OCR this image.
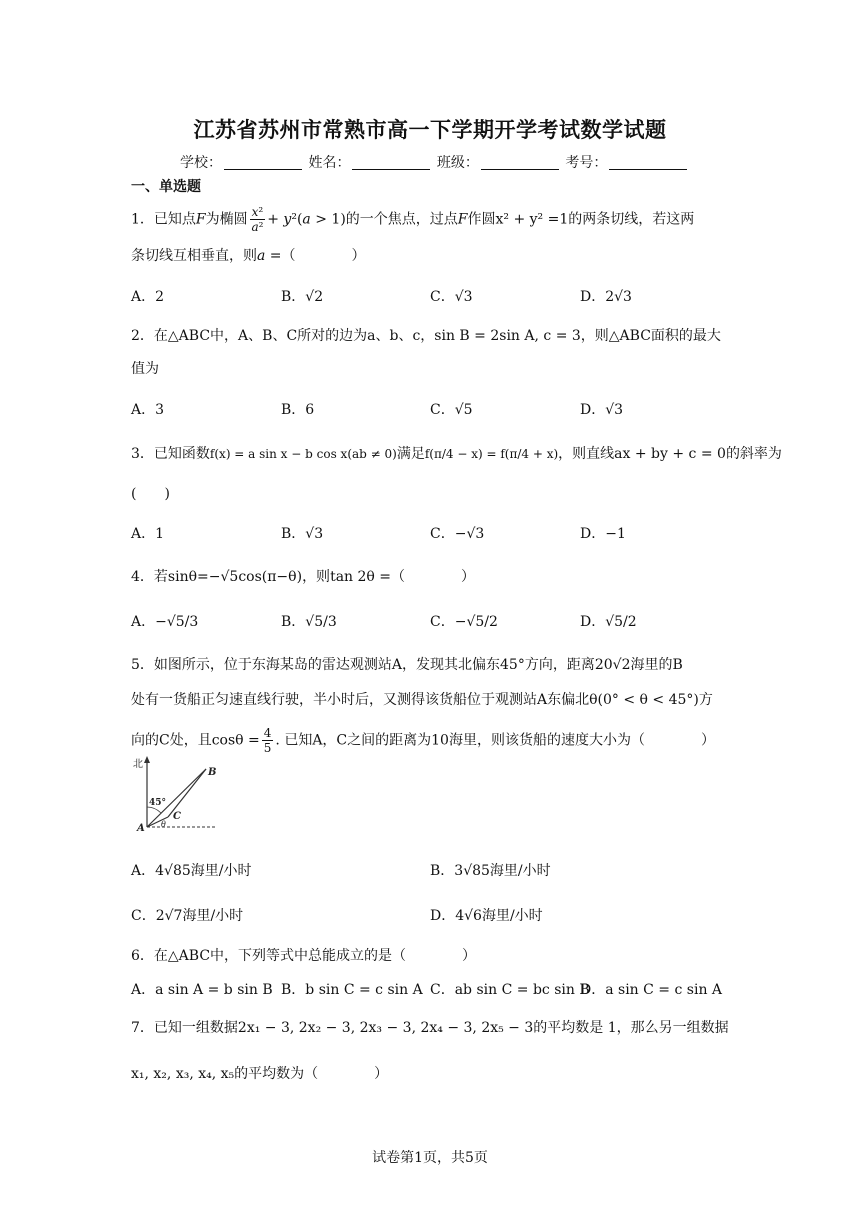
江苏省苏州市常熟市高一下学期开学考试数学试题
学校：	姓名：	班级：	考号：
一、单选题
1．已知点F为椭圆 $\frac{\text{x²}}{\text{a²}} + y^2(a > 1)$的一个焦点，过点F作圆x² + y² =1的两条切线，若这两
条切线互相垂直，则a =（　　　　）
A．2	B．√2	C．√3	D．2√3
2．在△ABC中，A、B、C所对的边为a、b、c，sin B = 2sin A, c = 3，则△ABC面积的最大
值为
A．3	B．6	C．√5	D．√3
3．已知函数f(x) = a sin x − b cos x(ab ≠ 0)满足f(π/4 − x) = f(π/4 + x)，则直线ax + by + c = 0的斜率为
(　　)
A．1	B．√3	C．−√3	D．−1
4．若sinθ=−√5cos(π−θ)，则tan 2θ =（　　　　）
A．−√5/3	B．√5/3	C．−√5/2	D．√5/2
5．如图所示，位于东海某岛的雷达观测站A，发现其北偏东45°方向，距离20√2海里的B
处有一货船正匀速直线行驶，半小时后，又测得该货船位于观测站A东偏北θ(0° < θ < 45°)方
向的C处，且$\cos\theta = \frac{4}{5}$ . 已知A，C之间的距离为10海里，则该货船的速度大小为（　　　　）
北
45°
B
A
C
θ
A．4√85海里/小时	B．3√85海里/小时
C．2√7海里/小时	D．4√6海里/小时
6．在△ABC中，下列等式中总能成立的是（　　　　）
A．a sin A = b sin B B．b sin C = c sin A C．ab sin C = bc sin B
D．a sin C = c sin A
7．已知一组数据2x₁ − 3, 2x₂ − 3, 2x₃ − 3, 2x₄ − 3, 2x₅ − 3的平均数是 1，那么另一组数据
x₁, x₂, x₃, x₄, x₅的平均数为（　　　　）
试卷第1页，共5页
